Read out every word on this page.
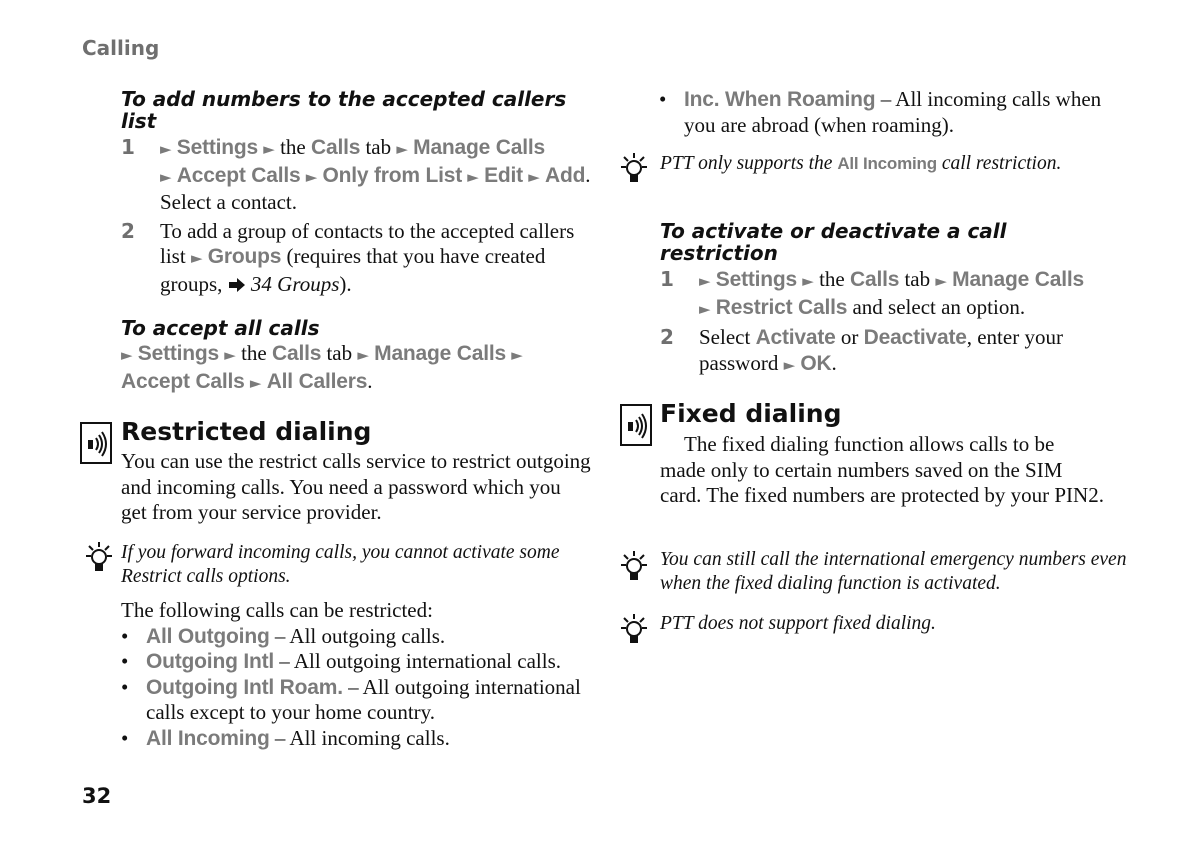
Calling
32
To add numbers to the accepted callers list
1 ► Settings ► the Calls tab ► Manage Calls
► Accept Calls ► Only from List ► Edit ► Add.
Select a contact.
2 To add a group of contacts to the accepted callers list ► Groups (requires that you have created groups, 34 Groups).
To accept all calls
► Settings ► the Calls tab ► Manage Calls ► Accept Calls ► All Callers.
Restricted dialing
You can use the restrict calls service to restrict outgoing and incoming calls. You need a password which you get from your service provider.
If you forward incoming calls, you cannot activate some Restrict calls options.
The following calls can be restricted:
• All Outgoing – All outgoing calls.
• Outgoing Intl – All outgoing international calls.
• Outgoing Intl Roam. – All outgoing international calls except to your home country.
• All Incoming – All incoming calls.
• Inc. When Roaming – All incoming calls when you are abroad (when roaming).
PTT only supports the All Incoming call restriction.
To activate or deactivate a call restriction
1 ► Settings ► the Calls tab ► Manage Calls
► Restrict Calls and select an option.
2 Select Activate or Deactivate, enter your password ► OK.
Fixed dialing
The fixed dialing function allows calls to be made only to certain numbers saved on the SIM card. The fixed numbers are protected by your PIN2.
You can still call the international emergency numbers even when the fixed dialing function is activated.
PTT does not support fixed dialing.
